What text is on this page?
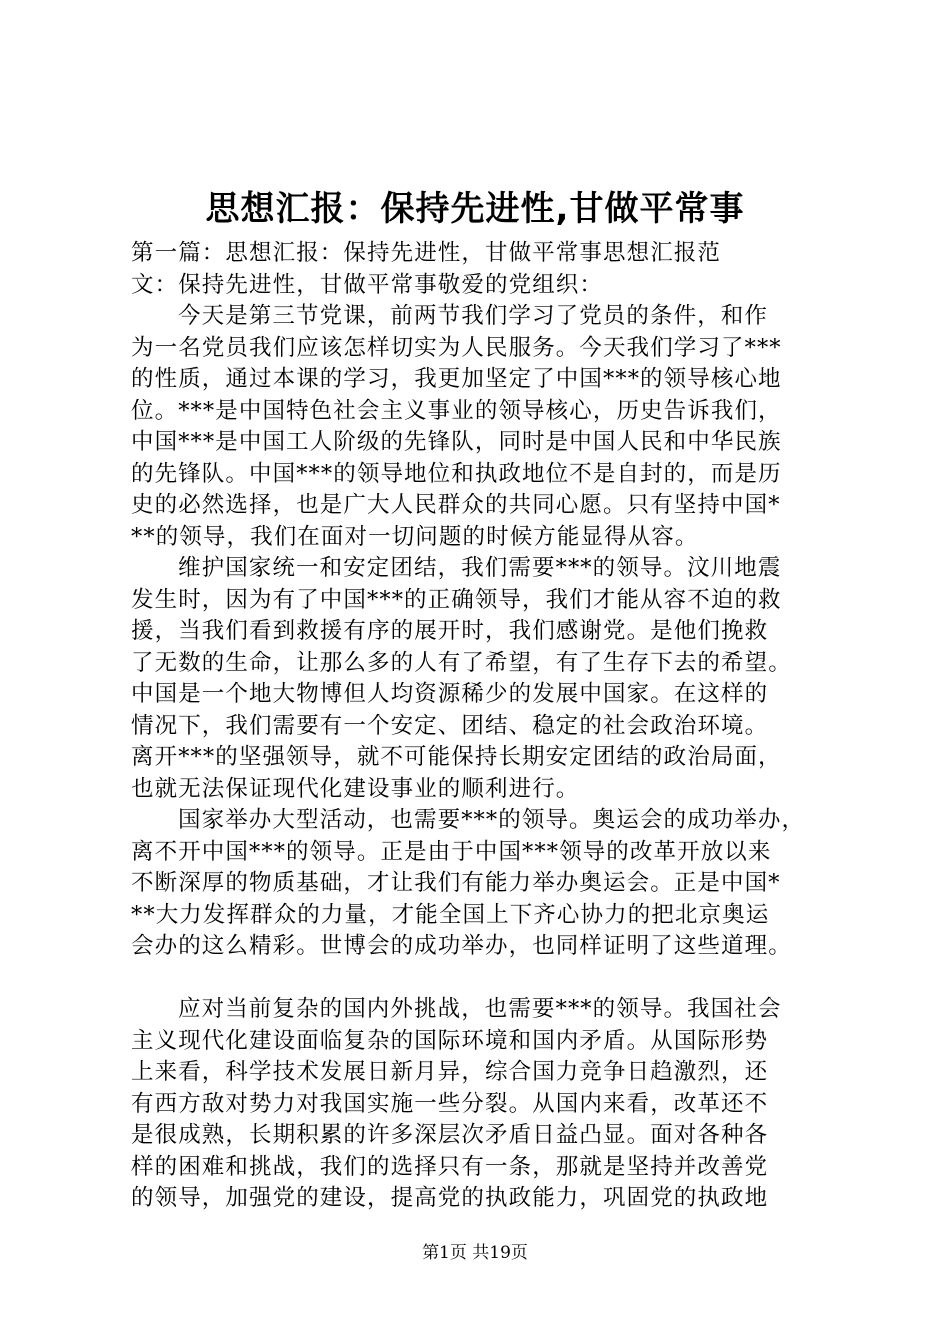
思想汇报：保持先进性,甘做平常事
第一篇：思想汇报：保持先进性，甘做平常事思想汇报范
文：保持先进性，甘做平常事敬爱的党组织：
今天是第三节党课，前两节我们学习了党员的条件，和作
为一名党员我们应该怎样切实为人民服务。今天我们学习了***
的性质，通过本课的学习，我更加坚定了中国***的领导核心地
位。***是中国特色社会主义事业的领导核心，历史告诉我们，
中国***是中国工人阶级的先锋队，同时是中国人民和中华民族
的先锋队。中国***的领导地位和执政地位不是自封的，而是历
史的必然选择，也是广大人民群众的共同心愿。只有坚持中国*
**的领导，我们在面对一切问题的时候方能显得从容。
维护国家统一和安定团结，我们需要***的领导。汶川地震
发生时，因为有了中国***的正确领导，我们才能从容不迫的救
援，当我们看到救援有序的展开时，我们感谢党。是他们挽救
了无数的生命，让那么多的人有了希望，有了生存下去的希望。
中国是一个地大物博但人均资源稀少的发展中国家。在这样的
情况下，我们需要有一个安定、团结、稳定的社会政治环境。
离开***的坚强领导，就不可能保持长期安定团结的政治局面，
也就无法保证现代化建设事业的顺利进行。
国家举办大型活动，也需要***的领导。奥运会的成功举办，
离不开中国***的领导。正是由于中国***领导的改革开放以来
不断深厚的物质基础，才让我们有能力举办奥运会。正是中国*
**大力发挥群众的力量，才能全国上下齐心协力的把北京奥运
会办的这么精彩。世博会的成功举办，也同样证明了这些道理。
应对当前复杂的国内外挑战，也需要***的领导。我国社会
主义现代化建设面临复杂的国际环境和国内矛盾。从国际形势
上来看，科学技术发展日新月异，综合国力竞争日趋激烈，还
有西方敌对势力对我国实施一些分裂。从国内来看，改革还不
是很成熟，长期积累的许多深层次矛盾日益凸显。面对各种各
样的困难和挑战，我们的选择只有一条，那就是坚持并改善党
的领导，加强党的建设，提高党的执政能力，巩固党的执政地
第1页 共19页
